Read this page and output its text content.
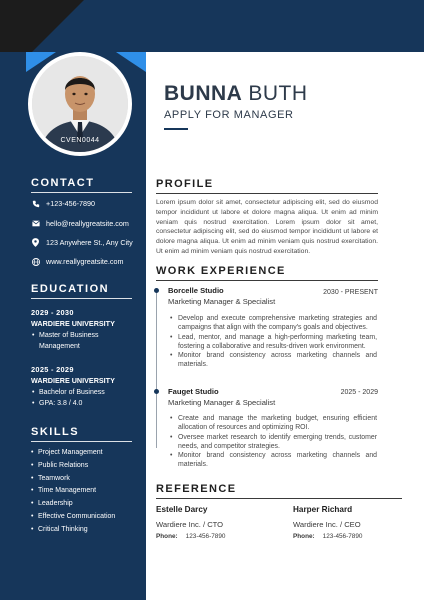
CVEN0044
CONTACT
+123-456-7890
hello@reallygreatsite.com
123 Anywhere St., Any City
www.reallygreatsite.com
EDUCATION
2029 - 2030
WARDIERE UNIVERSITY
• Master of Business Management
2025 - 2029
WARDIERE UNIVERSITY
• Bachelor of Business
• GPA: 3.8 / 4.0
SKILLS
• Project Management
• Public Relations
• Teamwork
• Time Management
• Leadership
• Effective Communication
• Critical Thinking
BUNNA BUTH
APPLY FOR MANAGER
PROFILE

Lorem ipsum dolor sit amet, consectetur adipiscing elit, sed do eiusmod tempor incididunt ut labore et dolore magna aliqua. Ut enim ad minim veniam quis nostrud exercitation. Lorem ipsum dolor sit amet, consectetur adipiscing elit, sed do eiusmod tempor incididunt ut labore et dolore magna aliqua. Ut enim ad minim veniam quis nostrud exercitation. Ut enim ad minim veniam quis nostrud exercitation.

WORK EXPERIENCE
Borcelle Studio	2030 - PRESENT
Marketing Manager & Specialist
• Develop and execute comprehensive marketing strategies and campaigns that align with the company's goals and objectives.
• Lead, mentor, and manage a high-performing marketing team, fostering a collaborative and results-driven work environment.
• Monitor brand consistency across marketing channels and materials.
Fauget Studio	2025 - 2029
Marketing Manager & Specialist
• Create and manage the marketing budget, ensuring efficient allocation of resources and optimizing ROI.
• Oversee market research to identify emerging trends, customer needs, and competitor strategies.
• Monitor brand consistency across marketing channels and materials.
REFERENCE
Estelle Darcy
Wardiere Inc. / CTO
Phone: 123-456-7890
Harper Richard
Wardiere Inc. / CEO
Phone: 123-456-7890
